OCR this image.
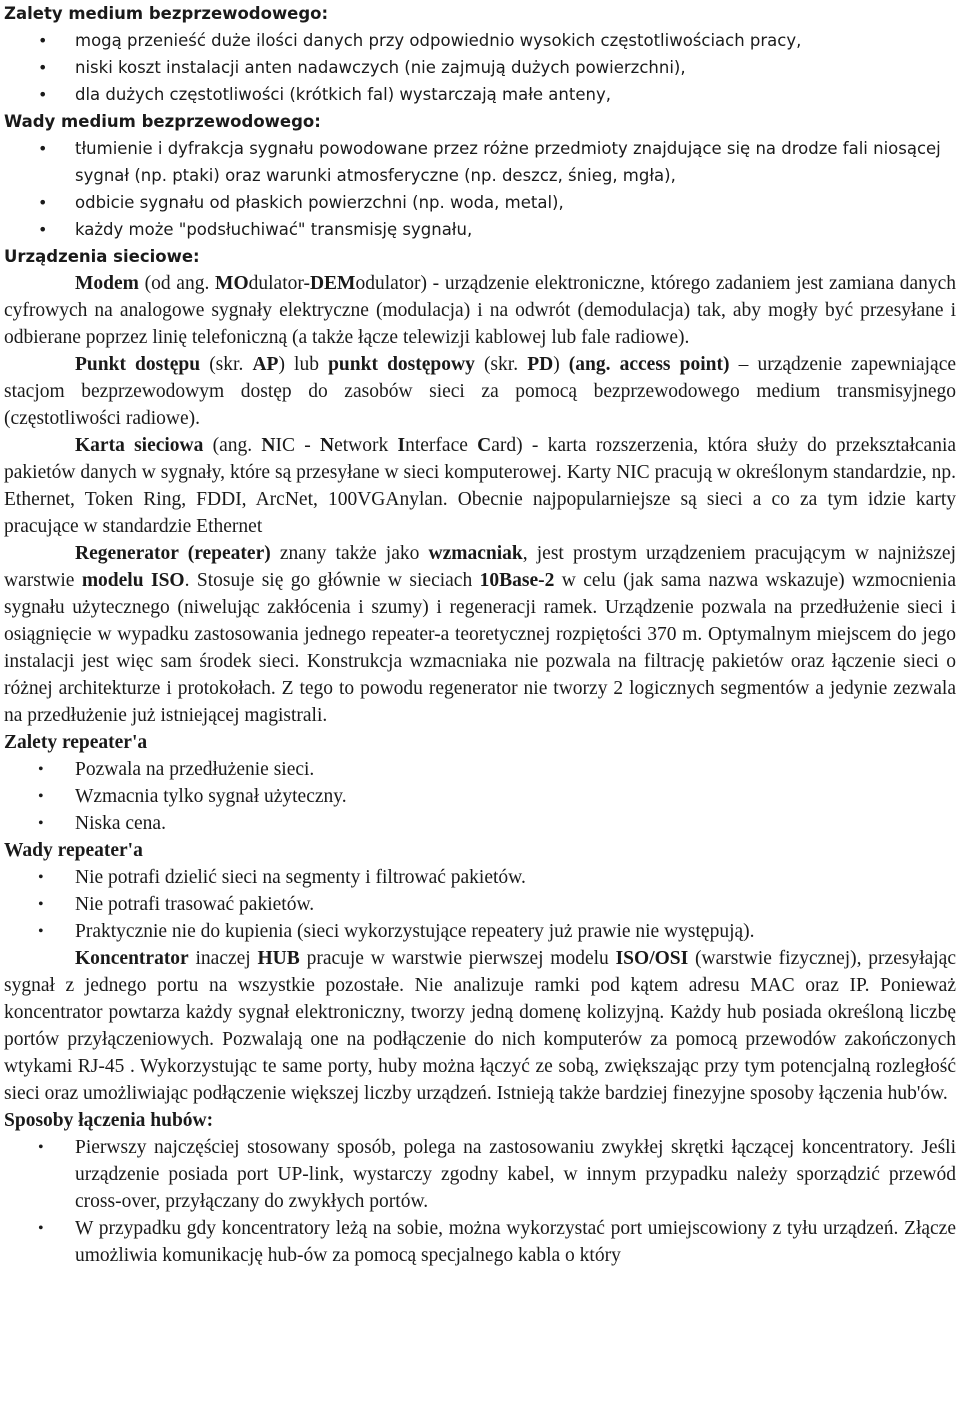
Zalety medium bezprzewodowego:
• mogą przenieść duże ilości danych przy odpowiednio wysokich częstotliwościach pracy,
• niski koszt instalacji anten nadawczych (nie zajmują dużych powierzchni),
• dla dużych częstotliwości (krótkich fal) wystarczają małe anteny,
Wady medium bezprzewodowego:
• tłumienie i dyfrakcja sygnału powodowane przez różne przedmioty znajdujące się na drodze fali niosącej sygnał (np. ptaki) oraz warunki atmosferyczne (np. deszcz, śnieg, mgła),
• odbicie sygnału od płaskich powierzchni (np. woda, metal),
• każdy może "podsłuchiwać" transmisję sygnału,
Urządzenia sieciowe:

Modem (od ang. MOdulator-DEModulator) - urządzenie elektroniczne, którego zadaniem jest zamiana danych cyfrowych na analogowe sygnały elektryczne (modulacja) i na odwrót (demodulacja) tak, aby mogły być przesyłane i odbierane poprzez linię telefoniczną (a także łącze telewizji kablowej lub fale radiowe).

Punkt dostępu (skr. AP) lub punkt dostępowy (skr. PD) (ang. access point) – urządzenie zapewniające stacjom bezprzewodowym dostęp do zasobów sieci za pomocą bezprzewodowego medium transmisyjnego (częstotliwości radiowe).

Karta sieciowa (ang. NIC - Network Interface Card) - karta rozszerzenia, która służy do przekształcania pakietów danych w sygnały, które są przesyłane w sieci komputerowej. Karty NIC pracują w określonym standardzie, np. Ethernet, Token Ring, FDDI, ArcNet, 100VGAnylan. Obecnie najpopularniejsze są sieci a co za tym idzie karty pracujące w standardzie Ethernet

Regenerator (repeater) znany także jako wzmacniak, jest prostym urządzeniem pracującym w najniższej warstwie modelu ISO. Stosuje się go głównie w sieciach 10Base-2 w celu (jak sama nazwa wskazuje) wzmocnienia sygnału użytecznego (niwelując zakłócenia i szumy) i regeneracji ramek. Urządzenie pozwala na przedłużenie sieci i osiągnięcie w wypadku zastosowania jednego repeater-a teoretycznej rozpiętości 370 m. Optymalnym miejscem do jego instalacji jest więc sam środek sieci. Konstrukcja wzmacniaka nie pozwala na filtrację pakietów oraz łączenie sieci o różnej architekturze i protokołach. Z tego to powodu regenerator nie tworzy 2 logicznych segmentów a jedynie zezwala na przedłużenie już istniejącej magistrali.

Zalety repeater'a
• Pozwala na przedłużenie sieci.
• Wzmacnia tylko sygnał użyteczny.
• Niska cena.
Wady repeater'a
• Nie potrafi dzielić sieci na segmenty i filtrować pakietów.
• Nie potrafi trasować pakietów.
• Praktycznie nie do kupienia (sieci wykorzystujące repeatery już prawie nie występują).

Koncentrator inaczej HUB pracuje w warstwie pierwszej modelu ISO/OSI (warstwie fizycznej), przesyłając sygnał z jednego portu na wszystkie pozostałe. Nie analizuje ramki pod kątem adresu MAC oraz IP. Ponieważ koncentrator powtarza każdy sygnał elektroniczny, tworzy jedną domenę kolizyjną. Każdy hub posiada określoną liczbę portów przyłączeniowych. Pozwalają one na podłączenie do nich komputerów za pomocą przewodów zakończonych wtykami RJ-45 . Wykorzystując te same porty, huby można łączyć ze sobą, zwiększając przy tym potencjalną rozległość sieci oraz umożliwiając podłączenie większej liczby urządzeń. Istnieją także bardziej finezyjne sposoby łączenia hub'ów.

Sposoby łączenia hubów:
• Pierwszy najczęściej stosowany sposób, polega na zastosowaniu zwykłej skrętki łączącej koncentratory. Jeśli urządzenie posiada port UP-link, wystarczy zgodny kabel, w innym przypadku należy sporządzić przewód cross-over, przyłączany do zwykłych portów.
• W przypadku gdy koncentratory leżą na sobie, można wykorzystać port umiejscowiony z tyłu urządzeń. Złącze umożliwia komunikację hub-ów za pomocą specjalnego kabla o który
